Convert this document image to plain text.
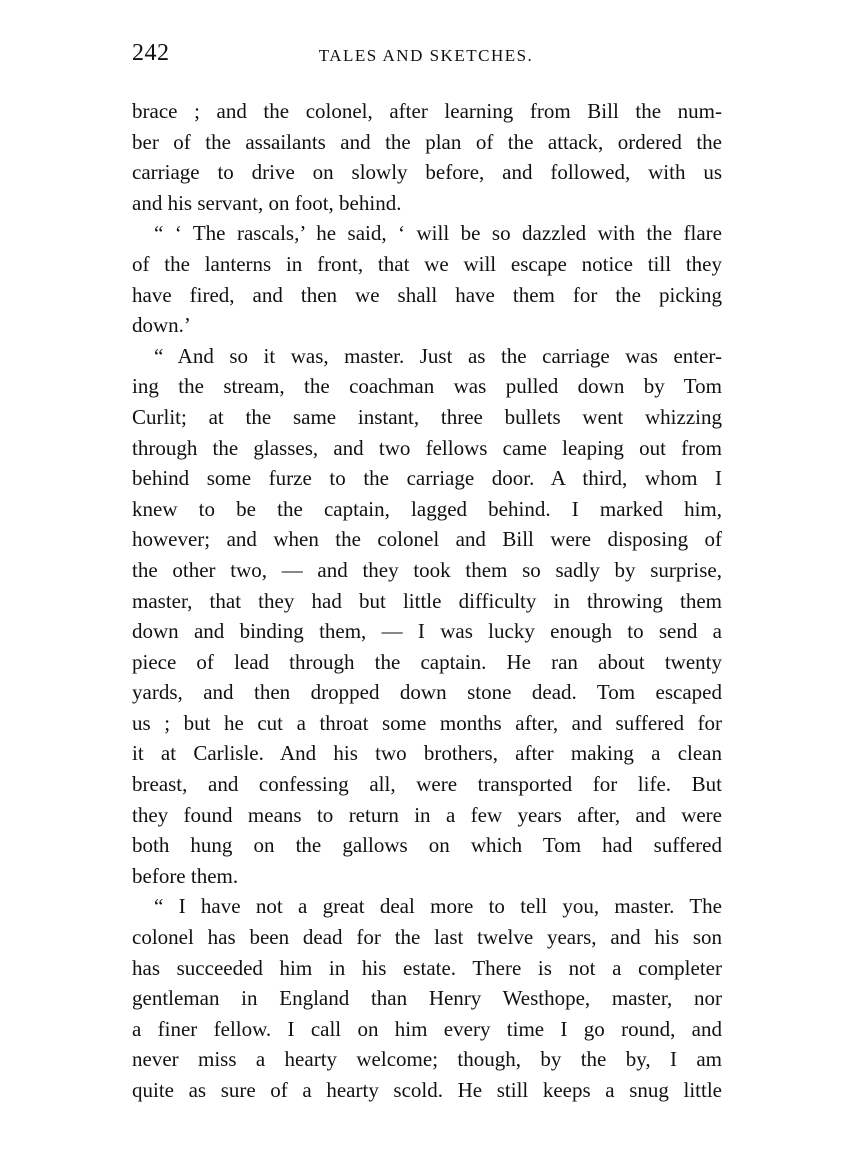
242	TALES AND SKETCHES.
brace ; and the colonel, after learning from Bill the num-
ber of the assailants and the plan of the attack, ordered the
carriage to drive on slowly before, and followed, with us
and his servant, on foot, behind.
“ ‘ The rascals,’ he said, ‘ will be so dazzled with the flare
of the lanterns in front, that we will escape notice till they
have fired, and then we shall have them for the picking
down.’
“ And so it was, master. Just as the carriage was enter-
ing the stream, the coachman was pulled down by Tom
Curlit; at the same instant, three bullets went whizzing
through the glasses, and two fellows came leaping out from
behind some furze to the carriage door. A third, whom I
knew to be the captain, lagged behind. I marked him,
however; and when the colonel and Bill were disposing of
the other two, — and they took them so sadly by surprise,
master, that they had but little difficulty in throwing them
down and binding them, — I was lucky enough to send a
piece of lead through the captain. He ran about twenty
yards, and then dropped down stone dead. Tom escaped
us ; but he cut a throat some months after, and suffered for
it at Carlisle. And his two brothers, after making a clean
breast, and confessing all, were transported for life. But
they found means to return in a few years after, and were
both hung on the gallows on which Tom had suffered
before them.
“ I have not a great deal more to tell you, master. The
colonel has been dead for the last twelve years, and his son
has succeeded him in his estate. There is not a completer
gentleman in England than Henry Westhope, master, nor
a finer fellow. I call on him every time I go round, and
never miss a hearty welcome; though, by the by, I am
quite as sure of a hearty scold. He still keeps a snug little
